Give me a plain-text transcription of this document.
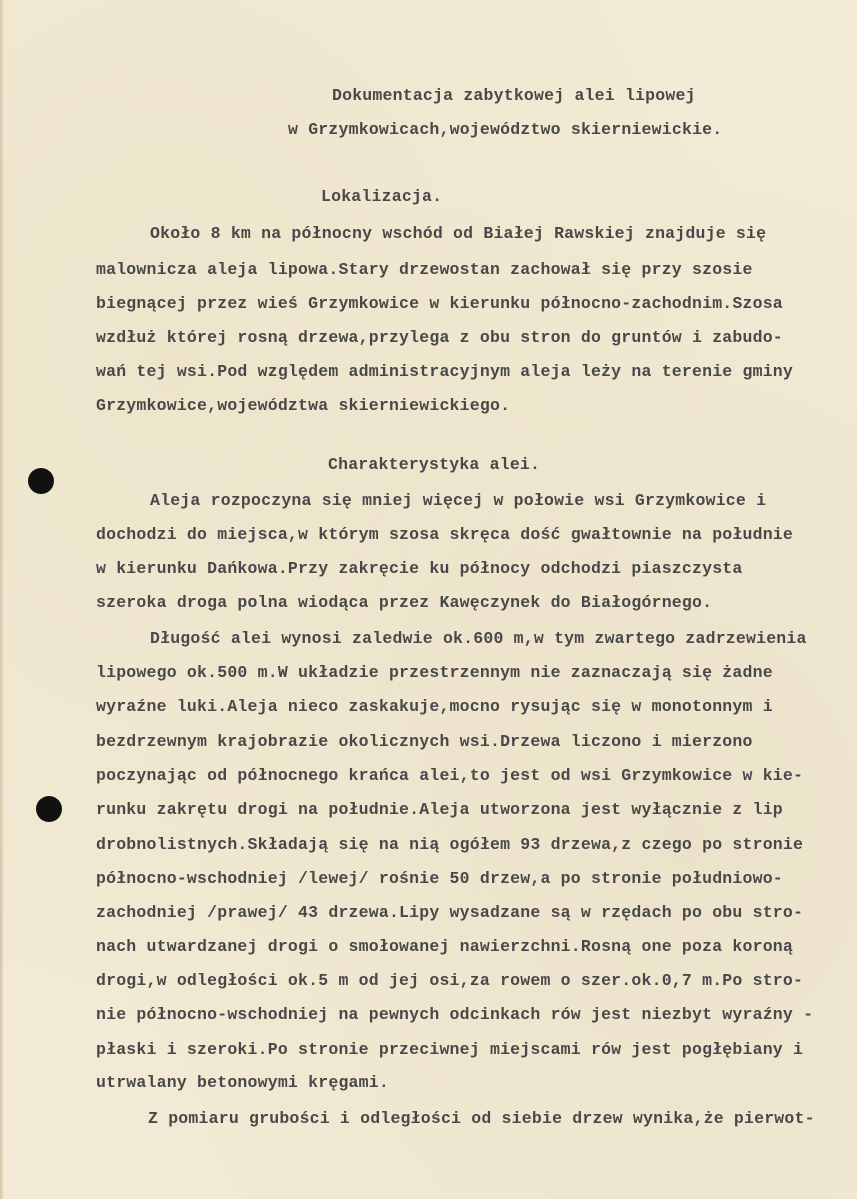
Dokumentacja zabytkowej alei lipowej
w Grzymkowicach,województwo skierniewickie.
Lokalizacja.
Około 8 km na północny wschód od Białej Rawskiej znajduje się
malownicza aleja lipowa.Stary drzewostan zachował się przy szosie
biegnącej przez wieś Grzymkowice w kierunku północno-zachodnim.Szosa
wzdłuż której rosną drzewa,przylega z obu stron do gruntów i zabudo-
wań tej wsi.Pod względem administracyjnym aleja leży na terenie gminy
Grzymkowice,województwa skierniewickiego.
Charakterystyka alei.
Aleja rozpoczyna się mniej więcej w połowie wsi Grzymkowice i
dochodzi do miejsca,w którym szosa skręca dość gwałtownie na południe
w kierunku Dańkowa.Przy zakręcie ku północy odchodzi piaszczysta
szeroka droga polna wiodąca przez Kawęczynek do Białogórnego.
Długość alei wynosi zaledwie ok.600 m,w tym zwartego zadrzewienia
lipowego ok.500 m.W układzie przestrzennym nie zaznaczają się żadne
wyraźne luki.Aleja nieco zaskakuje,mocno rysując się w monotonnym i
bezdrzewnym krajobrazie okolicznych wsi.Drzewa liczono i mierzono
poczynając od północnego krańca alei,to jest od wsi Grzymkowice w kie-
runku zakrętu drogi na południe.Aleja utworzona jest wyłącznie z lip
drobnolistnych.Składają się na nią ogółem 93 drzewa,z czego po stronie
północno-wschodniej /lewej/ rośnie 50 drzew,a po stronie południowo-
zachodniej /prawej/ 43 drzewa.Lipy wysadzane są w rzędach po obu stro-
nach utwardzanej drogi o smołowanej nawierzchni.Rosną one poza koroną
drogi,w odległości ok.5 m od jej osi,za rowem o szer.ok.0,7 m.Po stro-
nie północno-wschodniej na pewnych odcinkach rów jest niezbyt wyraźny -
płaski i szeroki.Po stronie przeciwnej miejscami rów jest pogłębiany i
utrwalany betonowymi kręgami.
Z pomiaru grubości i odległości od siebie drzew wynika,że pierwot-
